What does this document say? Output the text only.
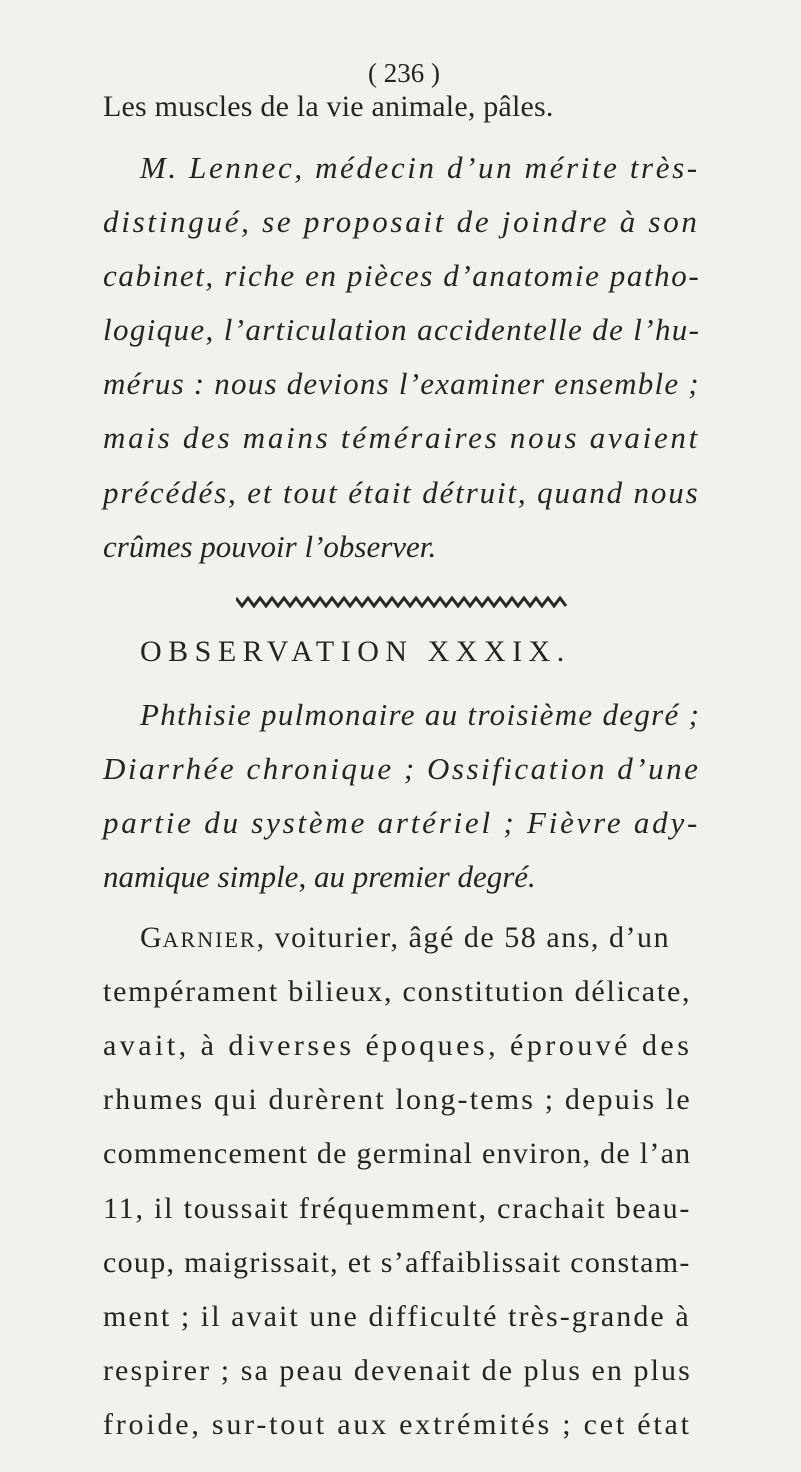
( 236 )
Les muscles de la vie animale, pâles.
M. Lennec, médecin d’un mérite très-
distingué, se proposait de joindre à son
cabinet, riche en pièces d’anatomie patho-
logique, l’articulation accidentelle de l’hu-
mérus : nous devions l’examiner ensemble ;
mais des mains téméraires nous avaient
précédés, et tout était détruit, quand nous
crûmes pouvoir l’observer.
OBSERVATION XXXIX.
Phthisie pulmonaire au troisième degré ;
Diarrhée chronique ; Ossification d’une
partie du système artériel ; Fièvre ady-
namique simple, au premier degré.
GARNIER, voiturier, âgé de 58 ans, d’un
tempérament bilieux, constitution délicate,
avait, à diverses époques, éprouvé des
rhumes qui durèrent long-tems ; depuis le
commencement de germinal environ, de l’an
11, il toussait fréquemment, crachait beau-
coup, maigrissait, et s’affaiblissait constam-
ment ; il avait une difficulté très-grande à
respirer ; sa peau devenait de plus en plus
froide, sur-tout aux extrémités ; cet état
